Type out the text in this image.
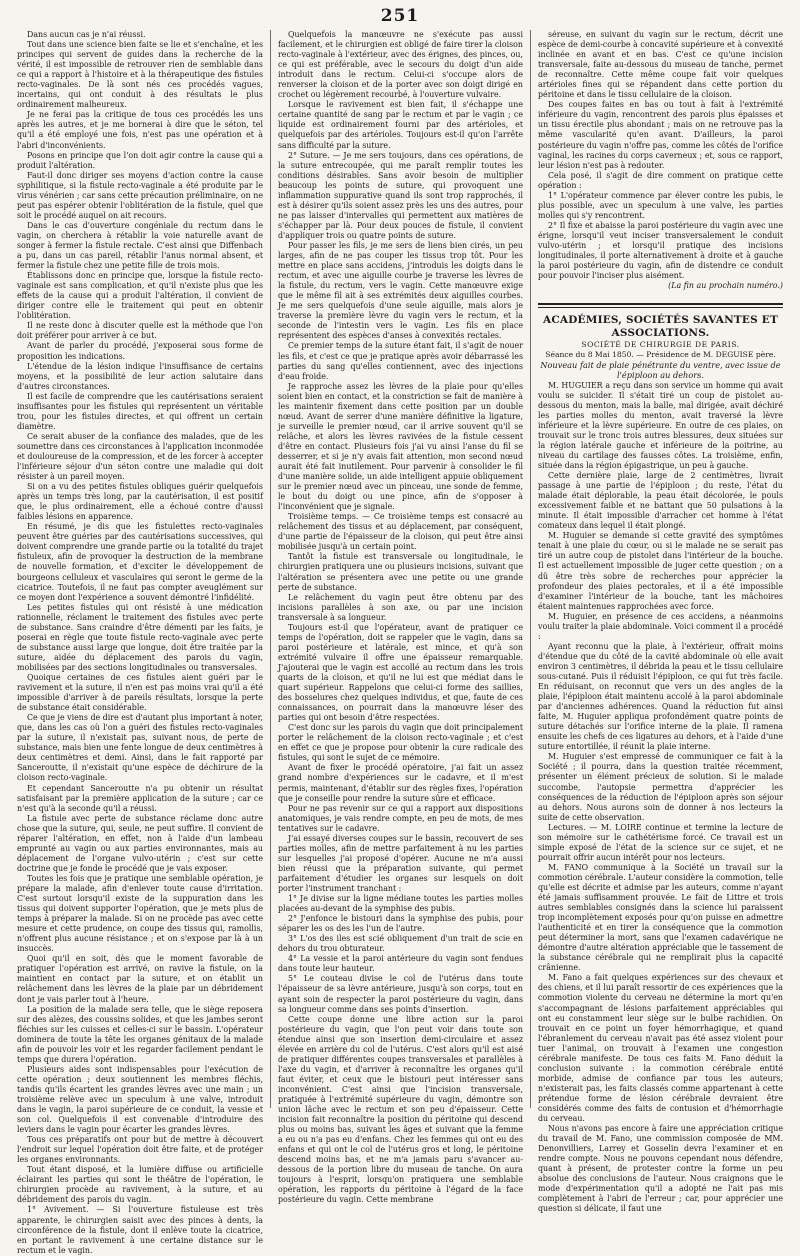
251

Dans aucun cas je n'ai réussi.

Tout dans une science bien faite se lie et s'enchaîne, et les principes qui servent de guides dans la recherche de la vérité, il est impossible de retrouver rien de semblable dans ce qui a rapport à l'histoire et à la thérapeutique des fistules recto-vaginales. De là sont nés ces procédés vagues, incertains, qui ont conduit à des résultats le plus ordinairement malheureux.

Je ne ferai pas la critique de tous ces procédés les uns après les autres, et je me bornerai à dire que le séton, tel qu'il a été employé une fois, n'est pas une opération et à l'abri d'inconvénients.

Posons en principe que l'on doit agir contre la cause qui a produit l'altération.

Faut-il donc diriger ses moyens d'action contre la cause syphilitique, si la fistule recto-vaginale a été produite par le virus vénérien ; car sans cette précaution préliminaire, on ne peut pas espérer obtenir l'oblitération de la fistule, quel que soit le procédé auquel on ait recours.

Dans le cas d'ouverture congéniale du rectum dans le vagin, on cherchera à rétablir la voie naturelle avant de songer à fermer la fistule rectale. C'est ainsi que Diffenbach a pu, dans un cas pareil, rétablir l'anus normal absent, et fermer la fistule chez une petite fille de trois mois.

Établissons donc en principe que, lorsque la fistule recto-vaginale est sans complication, et qu'il n'existe plus que les effets de la cause qui a produit l'altération, il convient de diriger contre elle le traitement qui peut en obtenir l'oblitération.

Il ne reste donc à discuter quelle est la méthode que l'on doit préférer pour arriver à ce but.

Avant de parler du procédé, j'exposerai sous forme de proposition les indications.

L'étendue de la lésion indique l'insuffisance de certains moyens, et la possibilité de leur action salutaire dans d'autres circonstances.

Il est facile de comprendre que les cautérisations seraient insuffisantes pour les fistules qui représentent un véritable trou, pour les fistules directes, et qui offrent un certain diamètre.

Ce serait abuser de la confiance des malades, que de les soumettre dans ces circonstances à l'application inconmodée et douloureuse de la compression, et de les forcer à accepter l'inférieure séjour d'un séton contre une maladie qui doit résister à un pareil moyen.

Si on a vu des petites fistules obliques guérir quelquefois après un temps très long, par la cautérisation, il est positif que, le plus ordinairement, elle a échoué contre d'aussi faibles lésions en apparence.

En résumé, je dis que les fistulettes recto-vaginales peuvent être guéries par des cautérisations successives, qui doivent comprendre une grande partie ou la totalité du trajet fistuleux, afin de provoquer la destruction de la membrane de nouvelle formation, et d'exciter le développement de bourgeons celluleux et vasculaires qui seront le germe de la cicatrice. Toutefois, il ne faut pas compter aveuglément sur ce moyen dont l'expérience a souvent démontré l'infidélité.

Les petites fistules qui ont résisté à une médication rationnelle, réclament le traitement des fistules avec perte de substance. Sans craindre d'être démenti par les faits, je poserai en règle que toute fistule recto-vaginale avec perte de substance aussi large que longue, doit être traitée par la suture, aidée du déplacement des parois du vagin, mobilisées par des sections longitudinales ou transversales.

Quoique certaines de ces fistules aient guéri par le ravivement et la suture, il n'en est pas moins vrai qu'il a été impossible d'arriver à de pareils résultats, lorsque la perte de substance était considérable.

Ce que je viens de dire est d'autant plus important à noter, que, dans les cas où l'on a guéri des fistules recto-vaginales par la suture, il n'existait pas, suivant nous, de perte de substance, mais bien une fente longue de deux centimètres à deux centimètres et demi. Ainsi, dans le fait rapporté par Sanceroutte, il n'existait qu'une espèce de déchirure de la cloison recto-vaginale.

Et cependant Sanceroutte n'a pu obtenir un résultat satisfaisant par la première application de la suture ; car ce n'est qu'à la seconde qu'il a réussi.

La fistule avec perte de substance réclame donc autre chose que la suture, qui, seule, ne peut suffire. Il convient de réparer l'altération, en effet, non à l'aide d'un lambeau emprunté au vagin ou aux parties environnantes, mais au déplacement de l'organe vulvo-utérin ; c'est sur cette doctrine que je fonde le procédé que je vais exposer.

Toutes les fois que je pratique une semblable opération, je prépare la malade, afin d'enlever toute cause d'irritation. C'est surtout lorsqu'il existe de la suppuration dans les tissus qui doivent supporter l'opération, que je mets plus de temps à préparer la malade. Si on ne procède pas avec cette mesure et cette prudence, on coupe des tissus qui, ramollis, n'offrent plus aucune résistance ; et on s'expose par là à un insuccès.

Quoi qu'il en soit, dès que le moment favorable de pratiquer l'opération est arrivé, on ravive la fistule, on la maintient en contact par la suture, et on établit un relâchement dans les lèvres de la plaie par un débridement dont je vais parler tout à l'heure.

La position de la malade sera telle, que le siège reposera sur des alèzes, des coussins solides, et que les jambes seront fléchies sur les cuisses et celles-ci sur le bassin. L'opérateur dominera de toute la tête les organes génitaux de la malade afin de pouvoir les voir et les regarder facilement pendant le temps que durera l'opération.

Plusieurs aides sont indispensables pour l'exécution de cette opération ; deux soutiennent les membres fléchis, tandis qu'ils écartent les grandes lèvres avec une main ; un troisième relève avec un speculum à une valve, introduit dans le vagin, la paroi supérieure de ce conduit, la vessie et son col. Quelquefois il est convenable d'introduire des leviers dans le vagin pour écarter les grandes lèvres.

Tous ces préparatifs ont pour but de mettre à découvert l'endroit sur lequel l'opération doit être faite, et de protéger les organes environnants.

Tout étant disposé, et la lumière diffuse ou artificielle éclairant les parties qui sont le théâtre de l'opération, le chirurgien procède au ravivement, à la suture, et au débridement des parois du vagin.

1° Avivement. — Si l'ouverture fistuleuse est très apparente, le chirurgien saisit avec des pinces à dents, la circonférence de la fistule, dont il enlève toute la cicatrice, en portant le ravivement à une certaine distance sur le rectum et le vagin.

Quelquefois la manœuvre ne s'exécute pas aussi facilement, et le chirurgien est obligé de faire tirer la cloison recto-vaginale à l'extérieur, avec des érignes, des pinces, ou, ce qui est préférable, avec le secours du doigt d'un aide introduit dans le rectum. Celui-ci s'occupe alors de renverser la cloison et de la porter avec son doigt dirigé en crochet ou légèrement recourbé, à l'ouverture vulvaire.

Lorsque le ravivement est bien fait, il s'échappe une certaine quantité de sang par le rectum et par le vagin ; ce liquide est ordinairement fourni par des artérioles, et quelquefois par des artérioles. Toujours est-il qu'on l'arrête sans difficulté par la suture.

2° Suture. — Je me sers toujours, dans ces opérations, de la suture entrecoupée, qui me paraît remplir toutes les conditions désirables. Sans avoir besoin de multiplier beaucoup les points de suture, qui provoquent une inflammation suppurative quand ils sont trop rapprochés, il est à désirer qu'ils soient assez près les uns des autres, pour ne pas laisser d'intervalles qui permettent aux matières de s'échapper par là. Pour deux pouces de fistule, il convient d'appliquer trois ou quatre points de suture.

Pour passer les fils, je me sers de liens bien cirés, un peu larges, afin de ne pas couper les tissus trop tôt. Pour les mettre en place sans accidens, j'introduis les doigts dans le rectum, et avec une aiguille courbe je traverse les lèvres de la fistule, du rectum, vers le vagin. Cette manœuvre exige que le même fil ait à ses extrémités deux aiguilles courbes. Je me sers quelquefois d'une seule aiguille, mais alors je traverse la première lèvre du vagin vers le rectum, et la seconde de l'intestin vers le vagin. Les fils en place représentent des espèces d'anses à convexités rectales.

Ce premier temps de la suture étant fait, il s'agit de nouer les fils, et c'est ce que je pratique après avoir débarrassé les parties du sang qu'elles contiennent, avec des injections d'eau froide.

Je rapproche assez les lèvres de la plaie pour qu'elles soient bien en contact, et la constriction se fait de manière à les maintenir fixement dans cette position par un double nœud. Avant de serrer d'une manière définitive la ligature, je surveille le premier nœud, car il arrive souvent qu'il se relâche, et alors les lèvres ravivées de la fistule cessent d'être en contact. Plusieurs fois j'ai vu ainsi l'anse du fil se desserrer, et si je n'y avais fait attention, mon second nœud aurait été fait inutilement. Pour parvenir à consolider le fil d'une manière solide, un aide intelligent appuie obliquement sur le premier nœud avec un pinceau, une sonde de femme, le bout du doigt ou une pince, afin de s'opposer à l'inconvénient que je signale.

Troisième temps. — Ce troisième temps est consacré au relâchement des tissus et au déplacement, par conséquent, d'une partie de l'épaisseur de la cloison, qui peut être ainsi mobilisée jusqu'à un certain point.

Tantôt la fistule est transversale ou longitudinale, le chirurgien pratiquera une ou plusieurs incisions, suivant que l'altération se présentera avec une petite ou une grande perte de substance.

Le relâchement du vagin peut être obtenu par des incisions parallèles à son axe, ou par une incision transversale à sa longueur.

Toujours est-il que l'opérateur, avant de pratiquer ce temps de l'opération, doit se rappeler que le vagin, dans sa paroi postérieure et latérale, est mince, et qu'à son extrémité vulvaire il offre une épaisseur remarquable. J'ajouterai que le vagin est accollé au rectum dans les trois quarts de la cloison, et qu'il ne lui est que médiat dans le quart supérieur. Rappelons que celui-ci forme des saillies, des bosselures chez quelques individus, et que, faute de ces connaissances, on pourrait dans la manœuvre léser des parties qui ont besoin d'être respectées.

C'est donc sur les parois du vagin que doit principalement porter le relâchement de la cloison recto-vaginale ; et c'est en effet ce que je propose pour obtenir la cure radicale des fistules, qui sont le sujet de ce mémoire.

Avant de fixer le procédé opératoire, j'ai fait un assez grand nombre d'expériences sur le cadavre, et il m'est permis, maintenant, d'établir sur des règles fixes, l'opération que je conseille pour rendre la suture sûre et efficace.

Pour ne pas revenir sur ce qui a rapport aux dispositions anatomiques, je vais rendre compte, en peu de mots, de mes tentatives sur le cadavre.

J'ai essayé diverses coupes sur le bassin, recouvert de ses parties molles, afin de mettre parfaitement à nu les parties sur lesquelles j'ai proposé d'opérer. Aucune ne m'a aussi bien réussi que la préparation suivante, qui permet parfaitement d'étudier les organes sur lesquels on doit porter l'instrument tranchant :

1° Je divise sur la ligne médiane toutes les parties molles placées au-devant de la symphise des pubis.

2° J'enfonce le bistouri dans la symphise des pubis, pour séparer les os des les l'un de l'autre.

3° L'os des iles est scié obliquement d'un trait de scie en dehors du trou obturateur.

4° La vessie et la paroi antérieure du vagin sont fendues dans toute leur hauteur.

5° Le couteau divise le col de l'utérus dans toute l'épaisseur de sa lèvre antérieure, jusqu'à son corps, tout en ayant soin de respecter la paroi postérieure du vagin, dans sa longueur comme dans ses points d'insertion.

Cette coupe donne une libre action sur la paroi postérieure du vagin, que l'on peut voir dans toute son étendue ainsi que son insertion demi-circulaire et assez élevée en arrière du col de l'utérus. C'est alors qu'il est aisé de pratiquer différentes coupes transversales et parallèles à l'axe du vagin, et d'arriver à reconnaître les organes qu'il faut éviter, et ceux que le bistouri peut intéresser sans inconvénient. C'est ainsi que l'incision transversale, pratiquée à l'extrémité supérieure du vagin, démontre son union lâche avec le rectum et son peu d'épaisseur. Cette incision fait reconnaître la position du péritoine qui descend plus ou moins bas, suivant les âges et suivant que la femme a eu ou n'a pas eu d'enfans. Chez les femmes qui ont eu des enfans et qui ont le col de l'utérus gros et long, le péritoine descend moins bas, et ne m'a jamais paru s'avancer au-dessous de la portion libre du museau de tanche. On aura toujours à l'esprit, lorsqu'on pratiquera une semblable opération, les rapports du péritoine à l'égard de la face postérieure du vagin. Cette membrane

séreuse, en suivant du vagin sur le rectum, décrit une espèce de demi-courbe à concavité supérieure et à convexité inclinée en avant et en bas. C'est ce qu'une incision transversale, faite au-dessous du museau de tanche, permet de reconnaître. Cette même coupe fait voir quelques artérioles fines qui se répandent dans cette portion du péritoine et dans le tissu cellulaire de la cloison.

Des coupes faites en bas ou tout à fait à l'extrémité inférieure du vagin, rencontrent des parois plus épaisses et un tissu érectile plus abondant ; mais on ne retrouve pas la même vascularité qu'en avant. D'ailleurs, la paroi postérieure du vagin n'offre pas, comme les côtés de l'orifice vaginal, les racines du corps caverneux ; et, sous ce rapport, leur lésion n'est pas à redouter.

Cela posé, il s'agit de dire comment on pratique cette opération :

1° L'opérateur commence par élever contre les pubis, le plus possible, avec un speculum à une valve, les parties molles qui s'y rencontrent.

2° Il fixe et abaisse la paroi postérieure du vagin avec une érigne, lorsqu'il veut inciser transversalement le conduit vulvo-utérin ; et lorsqu'il pratique des incisions longitudinales, il porte alternativement à droite et à gauche la paroi postérieure du vagin, afin de distendre ce conduit pour pouvoir l'inciser plus aisément.

(La fin au prochain numéro.)

ACADÉMIES, SOCIÉTÉS SAVANTES ET ASSOCIATIONS.

SOCIÉTÉ DE CHIRURGIE DE PARIS.

Séance du 8 Mai 1850. — Présidence de M. DEGUISE père.

Nouveau fait de plaie pénétrante du ventre, avec issue de l'épiploon au dehors.

M. HUGUIER a reçu dans son service un homme qui avait voulu se suicider. Il s'était tiré un coup de pistolet au-dessous du menton, mais la balle, mal dirigée, avait déchiré les parties molles du menton, avait traversé la lèvre inférieure et la lèvre supérieure. En outre de ces plaies, on trouvait sur le tronc trois autres blessures, deux situées sur la région latérale gauche et inférieure de la poitrine, au niveau du cartilage des fausses côtes. La troisième, enfin, située dans la région épigastrique, un peu à gauche.

Cette dernière plaie, large de 2 centimètres, livrait passage à une partie de l'épiploon ; du reste, l'état du malade était déplorable, la peau était décolorée, le pouls excessivement faible et ne battant que 50 pulsations à la minute. Il était impossible d'arracher cet homme à l'état comateux dans lequel il était plongé.

M. Huguier se demande si cette gravité des symptômes tenait à une plaie du cœur, ou si le malade ne se serait pas tiré un autre coup de pistolet dans l'intérieur de la bouche. Il est actuellement impossible de juger cette question ; on a dû être très sobre de recherches pour apprécier la profondeur des plaies pectorales, et il a été impossible d'examiner l'intérieur de la bouche, tant les mâchoires étaient maintenues rapprochées avec force.

M. Huguier, en présence de ces accidens, a néanmoins voulu traiter la plaie abdominale. Voici comment il a procédé :

Ayant reconnu que la plaie, à l'extérieur, offrait moins d'étendue que du côté de la cavité abdominale où elle avait environ 3 centimètres, il débrida la peau et le tissu cellulaire sous-cutané. Puis il réduisit l'épiploon, ce qui fut très facile. En réduisant, on reconnut que vers un des angles de la plaie, l'épiploon était maintenu accolé à la paroi abdominale par d'anciennes adhérences. Quand la réduction fut ainsi faite, M. Huguier appliqua profondément quatre points de suture détachés sur l'orifice interne de la plaie. Il ramena ensuite les chefs de ces ligatures au dehors, et à l'aide d'une suture entortillée, il réunit la plaie interne.

M. Huguier s'est empressé de communiquer ce fait à la Société ; il pourra, dans la question traitée récemment, présenter un élément précieux de solution. Si le malade succombe, l'autopsie permettra d'apprécier les conséquences de la réduction de l'épiploon après son séjour au dehors. Nous aurons soin de donner à nos lecteurs la suite de cette observation.

Lectures. — M. LOIRE continue et termine la lecture de son mémoire sur le cathétérisme forcé. Ce travail est un simple exposé de l'état de la science sur ce sujet, et ne pourrait offrir aucun intérêt pour nos lecteurs.

M. FANO communique à la Société un travail sur la commotion cérébrale. L'auteur considère la commotion, telle qu'elle est décrite et admise par les auteurs, comme n'ayant été jamais suffisamment prouvée. Le fait de Littre et trois autres semblables consignés dans la science lui paraissent trop incomplètement exposés pour qu'on puisse en admettre l'authenticité et en tirer la conséquence que la commotion peut déterminer la mort, sans que l'examen cadavérique ne démontre d'autre altération appréciable que le tassement de la substance cérébrale qui ne remplirait plus la capacité crânienne.

M. Fano a fait quelques expériences sur des chevaux et des chiens, et il lui paraît ressortir de ces expériences que la commotion violente du cerveau ne détermine la mort qu'en s'accompagnant de lésions parfaitement appréciables qui ont eu constamment leur siège sur le bulbe rachidien. On trouvait en ce point un foyer hémorrhagique, et quand l'ébranlement du cerveau n'avait pas été assez violent pour tuer l'animal, on trouvait à l'examen une congestion cérébrale manifeste. De tous ces faits M. Fano déduit la conclusion suivante : la commotion cérébrale entité morbide, admise de confiance par tous les auteurs, n'existerait pas, les faits classés comme appartenant à cette prétendue forme de lésion cérébrale devraient être considérés comme des faits de contusion et d'hémorrhagie du cerveau.

Nous n'avons pas encore à faire une appréciation critique du travail de M. Fano, une commission composée de MM. Denonvilliers, Larrey et Gosselin devra l'examiner et en rendre compte. Nous ne pouvons cependant nous défendre, quant à présent, de protester contre la forme un peu absolue des conclusions de l'auteur. Nous craignons que le mode d'expérimentation qu'il a adopté ne l'ait pas mis complètement à l'abri de l'erreur ; car, pour apprécier une question si délicate, il faut une
